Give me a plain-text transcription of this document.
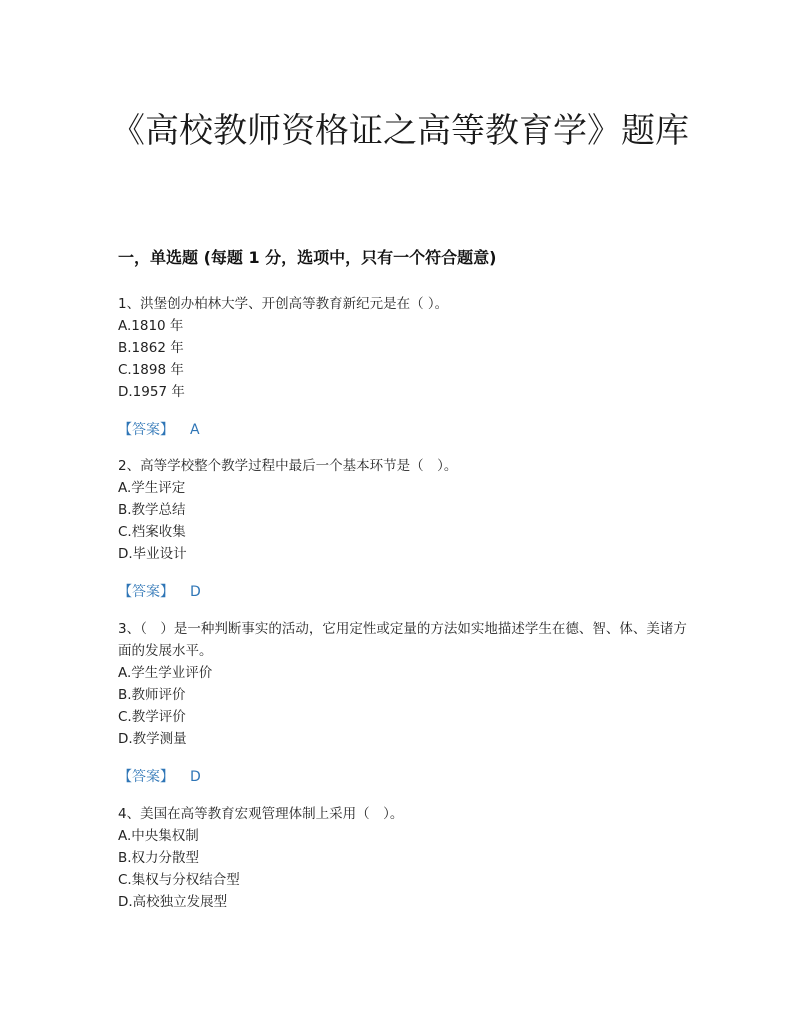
《高校教师资格证之高等教育学》题库
一，单选题 (每题 1 分，选项中，只有一个符合题意)
1、洪堡创办柏林大学、开创高等教育新纪元是在（ ）。
A.1810 年
B.1862 年
C.1898 年
D.1957 年
【答案】 A
2、高等学校整个教学过程中最后一个基本环节是（　）。
A.学生评定
B.教学总结
C.档案收集
D.毕业设计
【答案】 D
3、（　）是一种判断事实的活动，它用定性或定量的方法如实地描述学生在德、智、体、美诸方面的发展水平。
A.学生学业评价
B.教师评价
C.教学评价
D.教学测量
【答案】 D
4、美国在高等教育宏观管理体制上采用（　）。
A.中央集权制
B.权力分散型
C.集权与分权结合型
D.高校独立发展型
